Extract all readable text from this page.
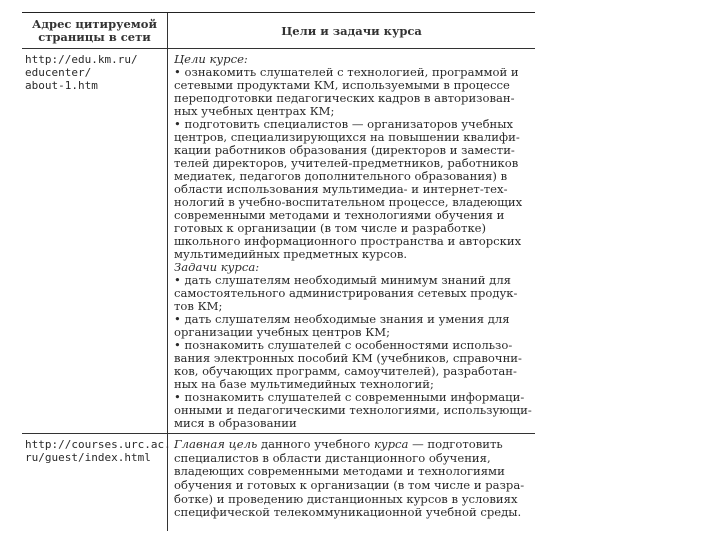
Адрес цитируемой
страницы в сети	Цели и задачи курса
http://edu.km.ru/
educenter/
about-1.htm
Цели курсе:
• ознакомить слушателей с технологией, программой и
сетевыми продуктами КМ, используемыми в процессе
переподготовки педагогических кадров в авторизован-
ных учебных центрах КМ;
• подготовить специалистов — организаторов учебных
центров, специализирующихся на повышении квалифи-
кации работников образования (директоров и замести-
телей директоров, учителей-предметников, работников
медиатек, педагогов дополнительного образования) в
области использования мультимедиа- и интернет-тех-
нологий в учебно-воспитательном процессе, владеющих
современными методами и технологиями обучения и
готовых к организации (в том числе и разработке)
школьного информационного пространства и авторских
мультимедийных предметных курсов.
Задачи курса:
• дать слушателям необходимый минимум знаний для
самостоятельного администрирования сетевых продук-
тов КМ;
• дать слушателям необходимые знания и умения для
организации учебных центров КМ;
• познакомить слушателей с особенностями использо-
вания электронных пособий КМ (учебников, справочни-
ков, обучающих программ, самоучителей), разработан-
ных на базе мультимедийных технологий;
• познакомить слушателей с современными информаци-
онными и педагогическими технологиями, использующи-
мися в образовании
http://courses.urc.ac.
ru/guest/index.html
Главная цель данного учебного курса — подготовить
специалистов в области дистанционного обучения,
владеющих современными методами и технологиями
обучения и готовых к организации (в том числе и разра-
ботке) и проведению дистанционных курсов в условиях
специфической телекоммуникационной учебной среды.
